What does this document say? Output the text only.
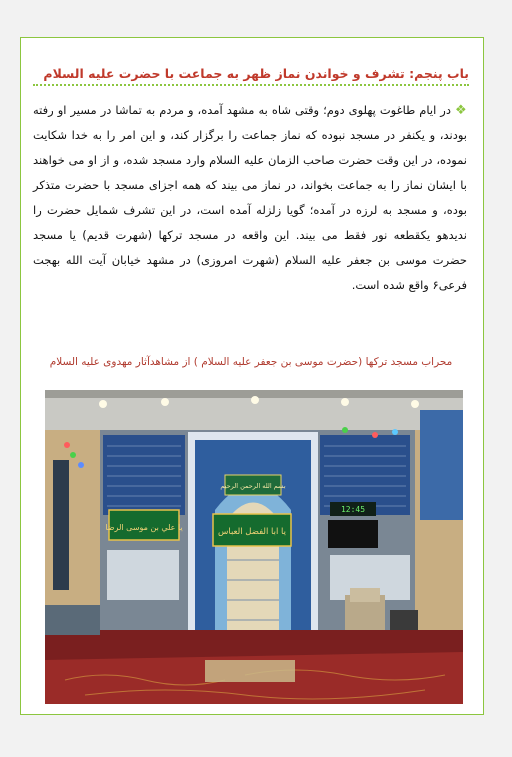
باب پنجم: تشرف و خواندن نماز ظهر به جماعت با حضرت عليه السلام
❖در ايام طاغوت پهلوی دوم؛ وقتی شاه به مشهد آمده، و مردم به تماشا در مسیر او رفته بودند، و یکنفر در مسجد نبوده که نماز جماعت را برگزار کند، و این امر را به خدا شکایت نموده، در این وقت حضرت صاحب الزمان عليه السلام وارد مسجد شده، و از او می خواهند با ایشان نماز را به جماعت بخواند، در نماز می بیند که همه اجزای مسجد با حضرت متذکر بوده، و مسجد به لرزه در آمده؛ گویا زلزله آمده است، در این تشرف شمایل حضرت را ندیدهو یکقطعه نور فقط می بیند. این واقعه در مسجد ترکها (شهرت قدیم) یا مسجد حضرت موسی بن جعفر عليه السلام (شهرت امروزی) در مشهد خیابان آیت الله بهجت فرعی۶ واقع شده است.
محراب مسجد ترکها (حضرت موسی بن جعفر عليه السلام ) از مشاهدآثار مهدوی عليه السلام
يا علي بن موسى الرضا	يا ابا الفضل العباس
بسم الله الرحمن الرحيم
12:45
